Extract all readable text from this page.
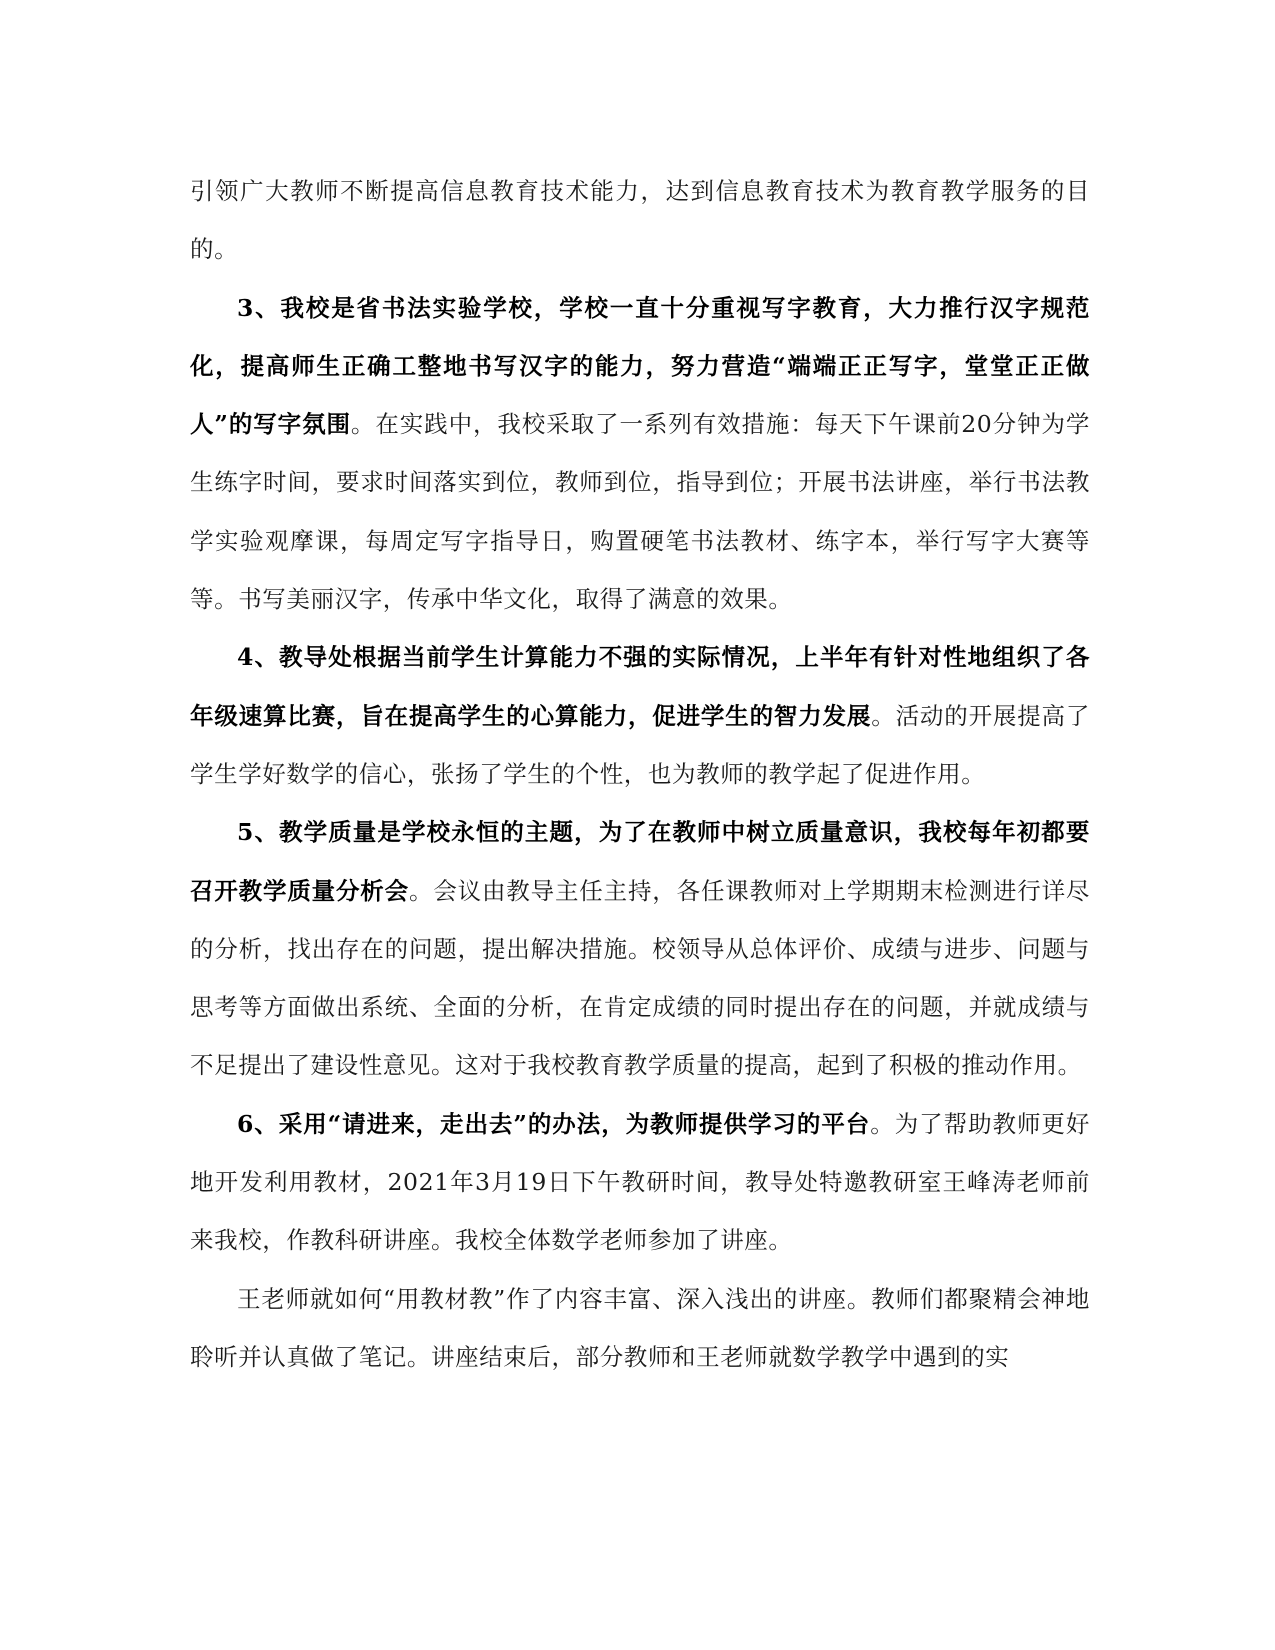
引领广大教师不断提高信息教育技术能力，达到信息教育技术为教育教学服务的目的。

3、我校是省书法实验学校，学校一直十分重视写字教育，大力推行汉字规范化，提高师生正确工整地书写汉字的能力，努力营造“端端正正写字，堂堂正正做人”的写字氛围。在实践中，我校采取了一系列有效措施：每天下午课前20分钟为学生练字时间，要求时间落实到位，教师到位，指导到位；开展书法讲座，举行书法教学实验观摩课，每周定写字指导日，购置硬笔书法教材、练字本，举行写字大赛等等。书写美丽汉字，传承中华文化，取得了满意的效果。

4、教导处根据当前学生计算能力不强的实际情况，上半年有针对性地组织了各年级速算比赛，旨在提高学生的心算能力，促进学生的智力发展。活动的开展提高了学生学好数学的信心，张扬了学生的个性，也为教师的教学起了促进作用。

5、教学质量是学校永恒的主题，为了在教师中树立质量意识，我校每年初都要召开教学质量分析会。会议由教导主任主持，各任课教师对上学期期末检测进行详尽的分析，找出存在的问题，提出解决措施。校领导从总体评价、成绩与进步、问题与思考等方面做出系统、全面的分析，在肯定成绩的同时提出存在的问题，并就成绩与不足提出了建设性意见。这对于我校教育教学质量的提高，起到了积极的推动作用。

6、采用“请进来，走出去”的办法，为教师提供学习的平台。为了帮助教师更好地开发利用教材，2021年3月19日下午教研时间，教导处特邀教研室王峰涛老师前来我校，作教科研讲座。我校全体数学老师参加了讲座。

王老师就如何“用教材教”作了内容丰富、深入浅出的讲座。教师们都聚精会神地聆听并认真做了笔记。讲座结束后，部分教师和王老师就数学教学中遇到的实
